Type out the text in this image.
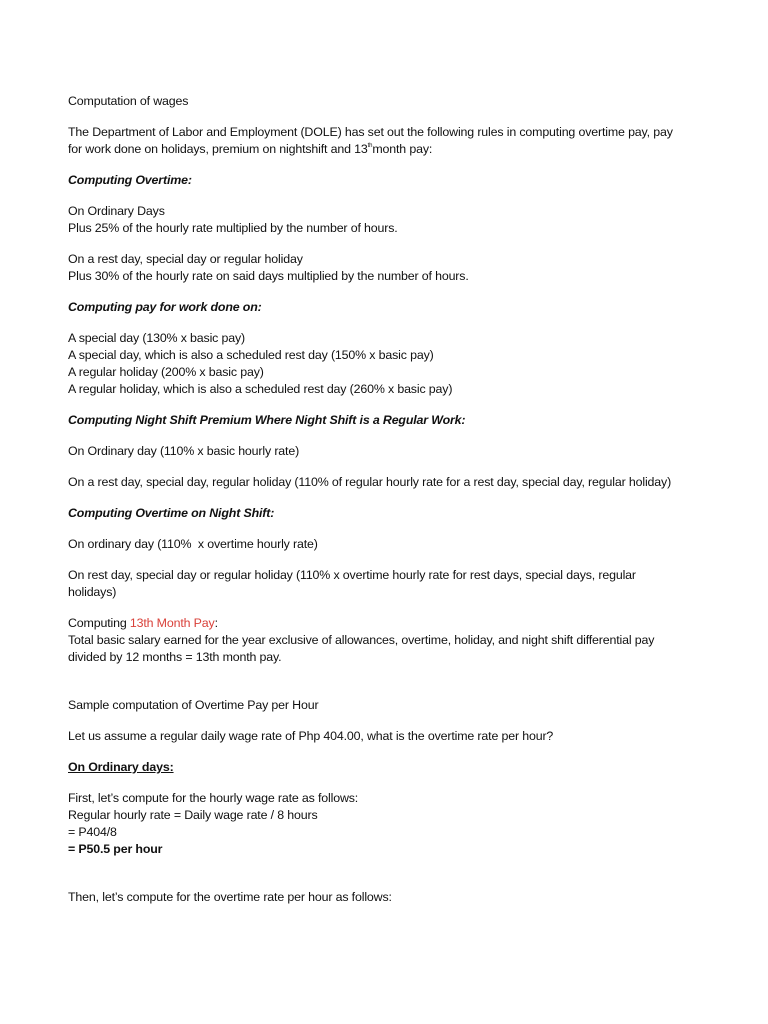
Computation of wages

The Department of Labor and Employment (DOLE) has set out the following rules in computing overtime pay, pay
for work done on holidays, premium on nightshift and 13thmonth pay:

Computing Overtime:

On Ordinary Days
Plus 25% of the hourly rate multiplied by the number of hours.

On a rest day, special day or regular holiday
Plus 30% of the hourly rate on said days multiplied by the number of hours.

Computing pay for work done on:

A special day (130% x basic pay)
A special day, which is also a scheduled rest day (150% x basic pay)
A regular holiday (200% x basic pay)
A regular holiday, which is also a scheduled rest day (260% x basic pay)

Computing Night Shift Premium Where Night Shift is a Regular Work:

On Ordinary day (110% x basic hourly rate)

On a rest day, special day, regular holiday (110% of regular hourly rate for a rest day, special day, regular holiday)

Computing Overtime on Night Shift:

On ordinary day (110%  x overtime hourly rate)

On rest day, special day or regular holiday (110% x overtime hourly rate for rest days, special days, regular
holidays)

Computing 13th Month Pay:
Total basic salary earned for the year exclusive of allowances, overtime, holiday, and night shift differential pay
divided by 12 months = 13th month pay.

Sample computation of Overtime Pay per Hour

Let us assume a regular daily wage rate of Php 404.00, what is the overtime rate per hour?

On Ordinary days:

First, let’s compute for the hourly wage rate as follows:
Regular hourly rate = Daily wage rate / 8 hours
= P404/8
= P50.5 per hour

Then, let’s compute for the overtime rate per hour as follows:
